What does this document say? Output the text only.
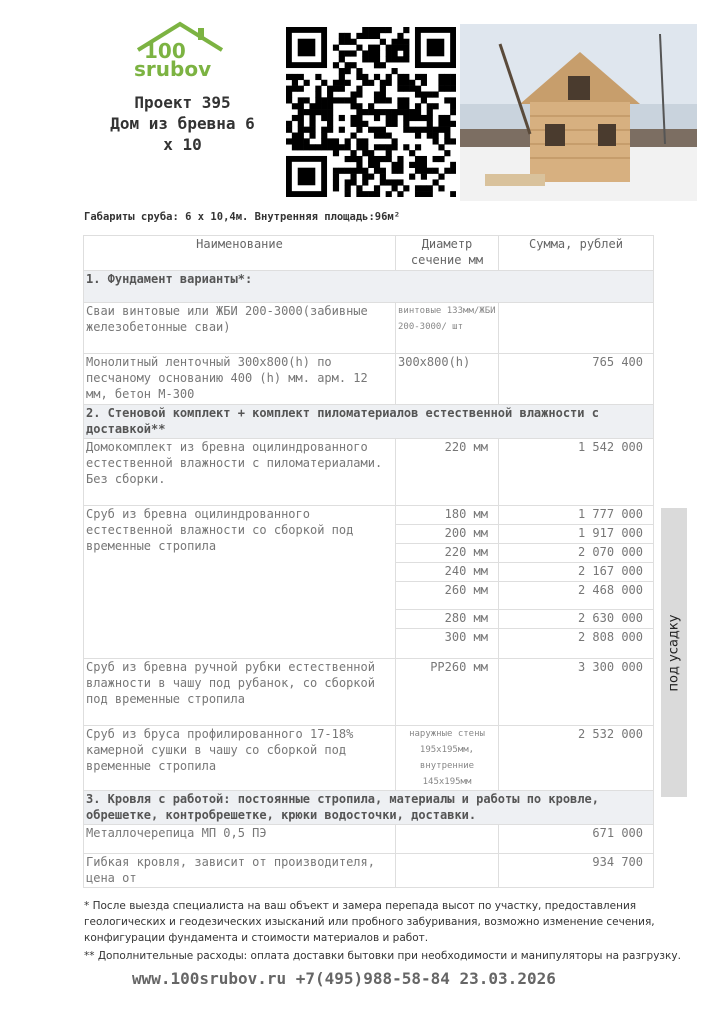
100
srubov
Проект 395
Дом из бревна 6
x 10
Габариты сруба: 6 х 10,4м. Внутренняя площадь:96м²
Наименование	Диаметр сечение мм	Сумма, рублей
1. Фундамент варианты*:		
Сваи винтовые или ЖБИ 200-3000(забивные железобетонные сваи)	винтовые 133мм/ЖБИ 200-3000/ шт	
Монолитный ленточный 300x800(h) по песчаному основанию 400 (h) мм. арм. 12 мм, бетон М-300	300x800(h)	765 400
2. Стеновой комплект + комплект пиломатериалов естественной влажности с доставкой**		
Домокомплект из бревна оцилиндрованного естественной влажности с пиломатериалами. Без сборки.	220 мм	1 542 000
Сруб из бревна оцилиндрованного естественной влажности со сборкой под временные стропила	180 мм	1 777 000
	200 мм	1 917 000
	220 мм	2 070 000
	240 мм	2 167 000
	260 мм	2 468 000
	280 мм	2 630 000
	300 мм	2 808 000
Сруб из бревна ручной рубки естественной влажности в чашу под рубанок, со сборкой под временные стропила	РР260 мм	3 300 000
Сруб из бруса профилированного 17-18% камерной сушки в чашу со сборкой под временные стропила	наружные стены 195x195мм, внутренние 145x195мм	2 532 000
3. Кровля с работой: постоянные стропила, материалы и работы по кровле, обрешетке, контробрешетке, крюки водосточки, доставки.		
Металлочерепица МП 0,5 ПЭ		671 000
Гибкая кровля, зависит от производителя, цена от		934 700
под усадку
* После выезда специалиста на ваш объект и замера перепада высот по участку, предоставления геологических и геодезических изысканий или пробного забуривания, возможно изменение сечения, конфигурации фундамента и стоимости материалов и работ.
** Дополнительные расходы: оплата доставки бытовки при необходимости и манипуляторы на разгрузку.
www.100srubov.ru +7(495)988-58-84 23.03.2026
